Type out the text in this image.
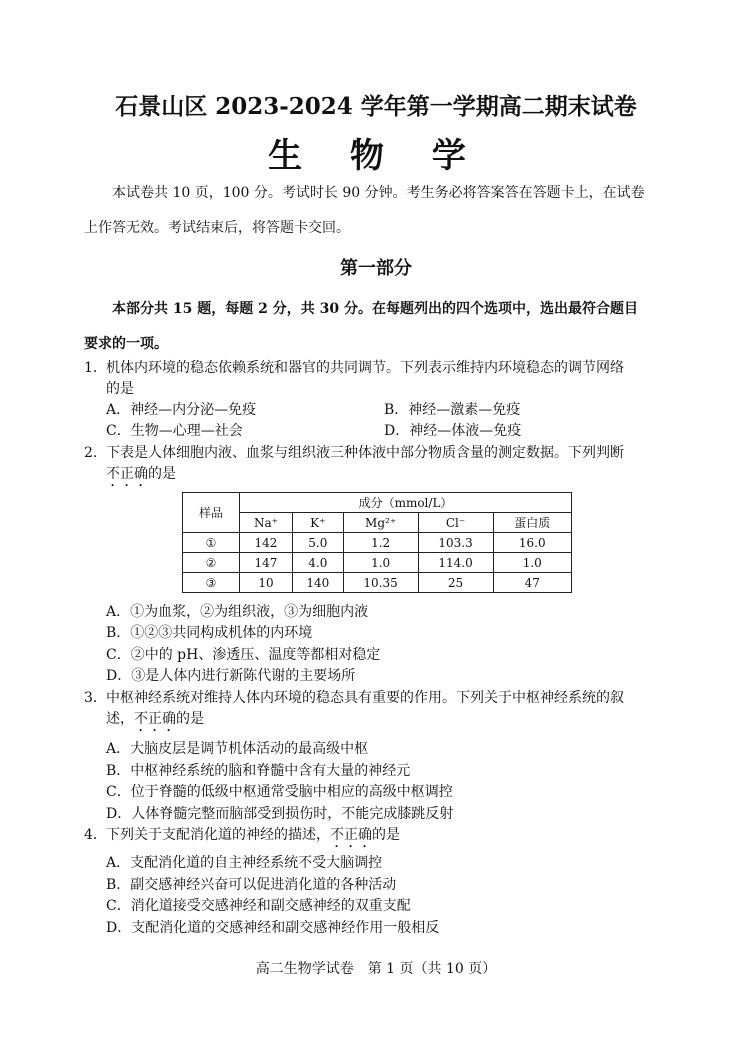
石景山区 2023-2024 学年第一学期高二期末试卷
生 物 学
本试卷共 10 页，100 分。考试时长 90 分钟。考生务必将答案答在答题卡上，在试卷
上作答无效。考试结束后，将答题卡交回。
第一部分
本部分共 15 题，每题 2 分，共 30 分。在每题列出的四个选项中，选出最符合题目
要求的一项。
1． 机体内环境的稳态依赖系统和器官的共同调节。下列表示维持内环境稳态的调节网络
的是
A．神经—内分泌—免疫	B．神经—激素—免疫
C．生物—心理—社会	D．神经—体液—免疫
2． 下表是人体细胞内液、血浆与组织液三种体液中部分物质含量的测定数据。下列判断
不正确的是
样品	成分（mmol/L）				
	Na⁺	K⁺	Mg²⁺	Cl⁻	蛋白质
①	142	5.0	1.2	103.3	16.0
②	147	4.0	1.0	114.0	1.0
③	10	140	10.35	25	47
A．①为血浆，②为组织液，③为细胞内液
B．①②③共同构成机体的内环境
C．②中的 pH、渗透压、温度等都相对稳定
D．③是人体内进行新陈代谢的主要场所
3． 中枢神经系统对维持人体内环境的稳态具有重要的作用。下列关于中枢神经系统的叙
述，不正确的是
A．大脑皮层是调节机体活动的最高级中枢
B．中枢神经系统的脑和脊髓中含有大量的神经元
C．位于脊髓的低级中枢通常受脑中相应的高级中枢调控
D．人体脊髓完整而脑部受到损伤时，不能完成膝跳反射
4． 下列关于支配消化道的神经的描述，不正确的是
A．支配消化道的自主神经系统不受大脑调控
B．副交感神经兴奋可以促进消化道的各种活动
C．消化道接受交感神经和副交感神经的双重支配
D．支配消化道的交感神经和副交感神经作用一般相反
高二生物学试卷　第 1 页（共 10 页）
